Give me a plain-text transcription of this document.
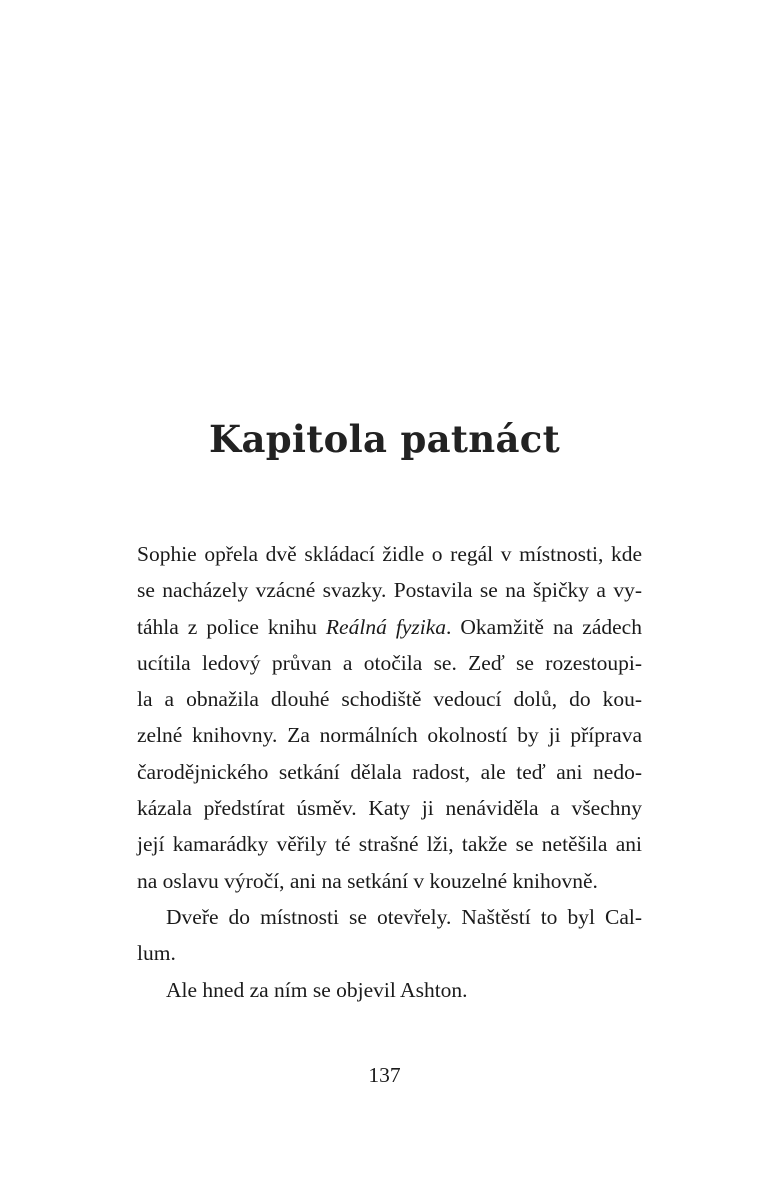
Kapitola patnáct
Sophie opřela dvě skládací židle o regál v místnosti, kde
se nacházely vzácné svazky. Postavila se na špičky a vy-
táhla z police knihu Reálná fyzika. Okamžitě na zádech
ucítila ledový průvan a otočila se. Zeď se rozestoupi-
la a obnažila dlouhé schodiště vedoucí dolů, do kou-
zelné knihovny. Za normálních okolností by ji příprava
čarodějnického setkání dělala radost, ale teď ani nedo-
kázala předstírat úsměv. Katy ji nenáviděla a všechny
její kamarádky věřily té strašné lži, takže se netěšila ani
na oslavu výročí, ani na setkání v kouzelné knihovně.
Dveře do místnosti se otevřely. Naštěstí to byl Cal-
lum.
Ale hned za ním se objevil Ashton.
137
